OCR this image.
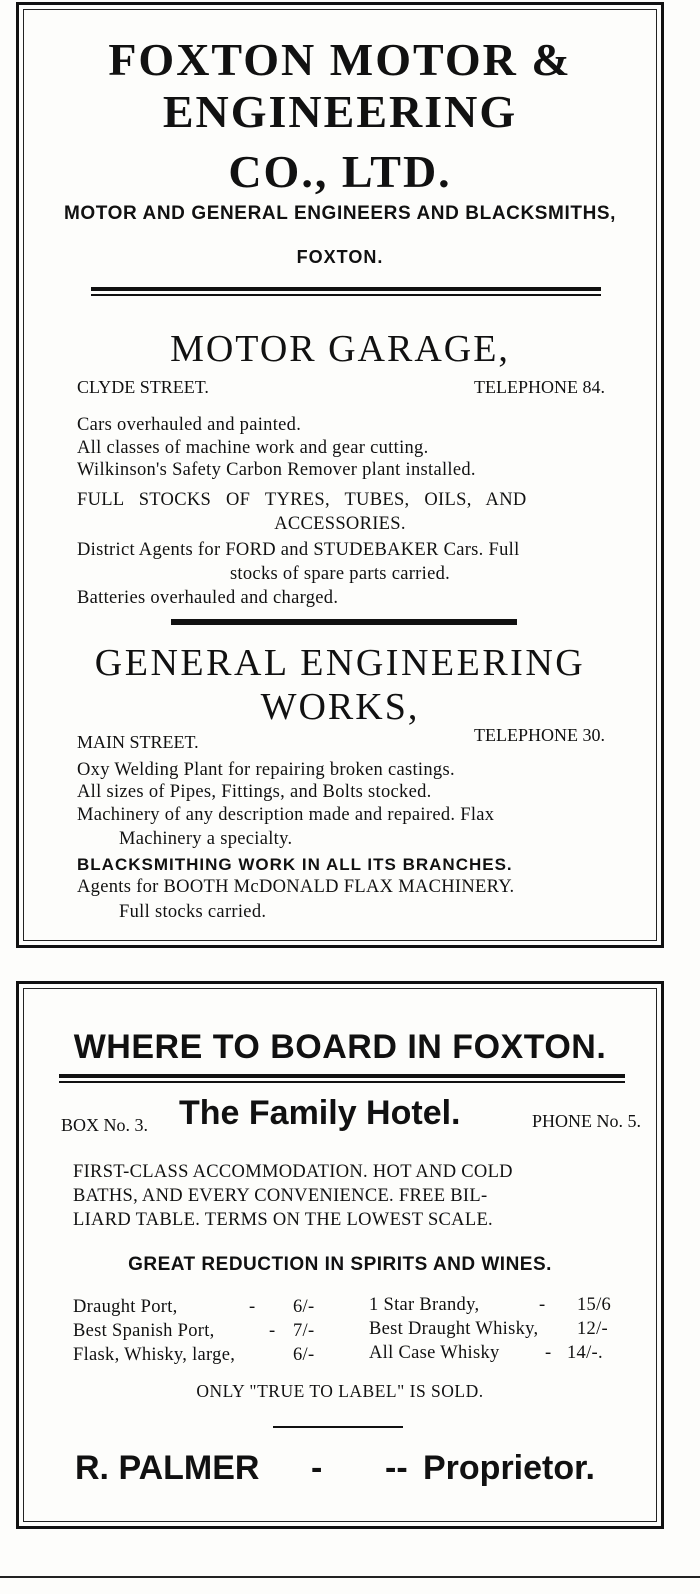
FOXTON MOTOR &
ENGINEERING
CO., LTD.
MOTOR AND GENERAL ENGINEERS AND BLACKSMITHS,
FOXTON.
MOTOR GARAGE,
CLYDE STREET.	TELEPHONE 84.
Cars overhauled and painted.
All classes of machine work and gear cutting.
Wilkinson's Safety Carbon Remover plant installed.
FULL STOCKS OF TYRES, TUBES, OILS, AND
ACCESSORIES.
District Agents for FORD and STUDEBAKER Cars. Full
stocks of spare parts carried.
Batteries overhauled and charged.
GENERAL ENGINEERING
WORKS,
MAIN STREET.	TELEPHONE 30.
Oxy Welding Plant for repairing broken castings.
All sizes of Pipes, Fittings, and Bolts stocked.
Machinery of any description made and repaired. Flax
Machinery a specialty.
BLACKSMITHING WORK IN ALL ITS BRANCHES.
Agents for BOOTH McDONALD FLAX MACHINERY.
Full stocks carried.
WHERE TO BOARD IN FOXTON.
BOX No. 3. The Family Hotel.	PHONE No. 5.
FIRST-CLASS ACCOMMODATION. HOT AND COLD
BATHS, AND EVERY CONVENIENCE. FREE BIL-
LIARD TABLE. TERMS ON THE LOWEST SCALE.
GREAT REDUCTION IN SPIRITS AND WINES.
Draught Port,	- 6/-
Best Spanish Port,	- 7/-
Flask, Whisky, large,	6/-
1 Star Brandy,	- 15/6
Best Draught Whisky, 12/-
All Case Whisky - 14/-.
ONLY "TRUE TO LABEL" IS SOLD.
R. PALMER - -- Proprietor.
